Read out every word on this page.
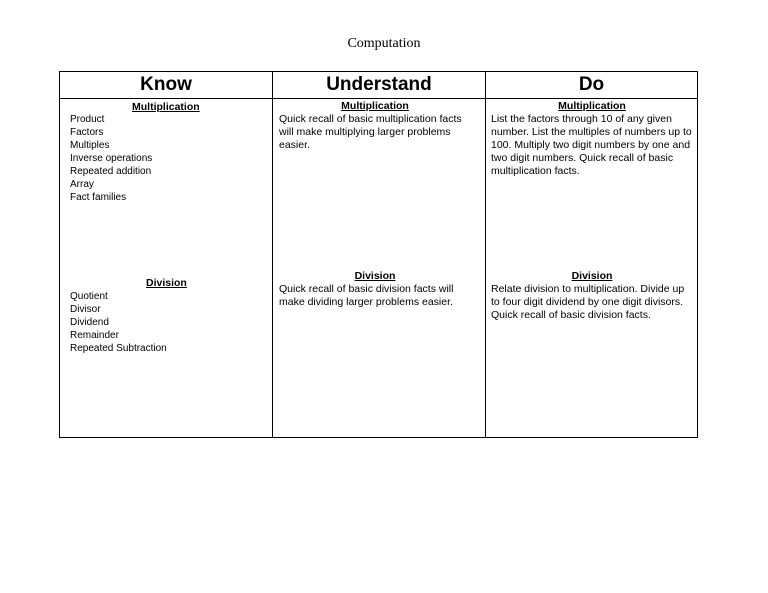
Computation
Know	Understand	Do
Multiplication
Product
Factors
Multiples
Inverse operations
Repeated addition
Array
Fact families
Division
Quotient
Divisor
Dividend
Remainder
Repeated Subtraction
Multiplication

Quick recall of basic multiplication facts will make multiplying larger problems easier.

Division

Quick recall of basic division facts will make dividing larger problems easier.

Multiplication

List the factors through 10 of any given number. List the multiples of numbers up to 100. Multiply two digit numbers by one and two digit numbers. Quick recall of basic multiplication facts.

Division

Relate division to multiplication. Divide up to four digit dividend by one digit divisors. Quick recall of basic division facts.
